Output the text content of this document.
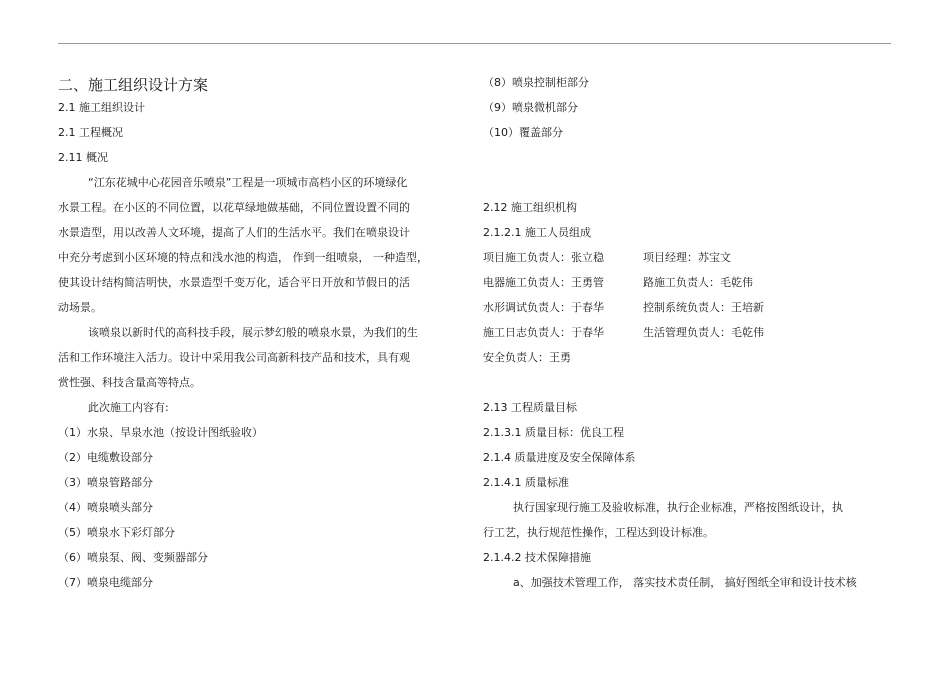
二、施工组织设计方案
2.1 施工组织设计
2.1 工程概况
2.11 概况
“江东花城中心花园音乐喷泉”工程是一项城市高档小区的环境绿化
水景工程。在小区的不同位置，以花草绿地做基础，不同位置设置不同的
水景造型，用以改善人文环境，提高了人们的生活水平。我们在喷泉设计
中充分考虑到小区环境的特点和浅水池的构造， 作到一组喷泉， 一种造型，
使其设计结构简洁明快，水景造型千变万化，适合平日开放和节假日的活
动场景。
该喷泉以新时代的高科技手段，展示梦幻般的喷泉水景，为我们的生
活和工作环境注入活力。设计中采用我公司高新科技产品和技术，具有观
赏性强、科技含量高等特点。
此次施工内容有:
（1）水泉、旱泉水池（按设计图纸验收）
（2）电缆敷设部分
（3）喷泉管路部分
（4）喷泉喷头部分
（5）喷泉水下彩灯部分
（6）喷泉泵、阀、变频器部分
（7）喷泉电缆部分
（8）喷泉控制柜部分
（9）喷泉微机部分
（10）覆盖部分
2.12 施工组织机构
2.1.2.1 施工人员组成
项目施工负责人：张立稳	项目经理：苏宝文
电器施工负责人：王勇管	路施工负责人：毛乾伟
水形调试负责人：于春华	控制系统负责人：王培新
施工日志负责人：于春华	生活管理负责人：毛乾伟
安全负责人：王勇
2.13 工程质量目标
2.1.3.1 质量目标：优良工程
2.1.4 质量进度及安全保障体系
2.1.4.1 质量标准
执行国家现行施工及验收标准，执行企业标准，严格按图纸设计，执
行工艺，执行规范性操作，工程达到设计标准。
2.1.4.2 技术保障措施
a、加强技术管理工作， 落实技术责任制， 搞好图纸全审和设计技术核
